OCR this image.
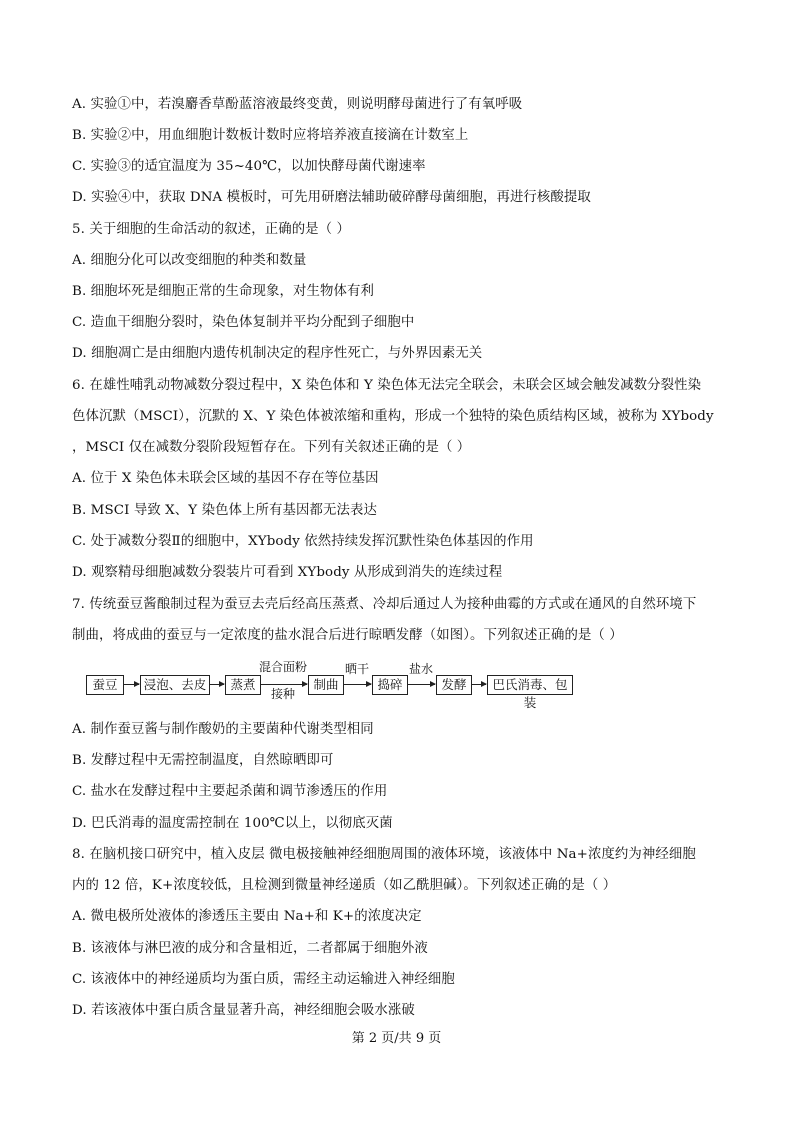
A. 实验①中，若溴麝香草酚蓝溶液最终变黄，则说明酵母菌进行了有氧呼吸
B. 实验②中，用血细胞计数板计数时应将培养液直接滴在计数室上
C. 实验③的适宜温度为 35~40℃，以加快酵母菌代谢速率
D. 实验④中，获取 DNA 模板时，可先用研磨法辅助破碎酵母菌细胞，再进行核酸提取
5. 关于细胞的生命活动的叙述，正确的是（ ）
A. 细胞分化可以改变细胞的种类和数量
B. 细胞坏死是细胞正常的生命现象，对生物体有利
C. 造血干细胞分裂时，染色体复制并平均分配到子细胞中
D. 细胞凋亡是由细胞内遗传机制决定的程序性死亡，与外界因素无关
6. 在雄性哺乳动物减数分裂过程中，X 染色体和 Y 染色体无法完全联会，未联会区域会触发减数分裂性染
色体沉默（MSCI），沉默的 X、Y 染色体被浓缩和重构，形成一个独特的染色质结构区域，被称为 XYbody
，MSCI 仅在减数分裂阶段短暂存在。下列有关叙述正确的是（ ）
A. 位于 X 染色体未联会区域的基因不存在等位基因
B. MSCI 导致 X、Y 染色体上所有基因都无法表达
C. 处于减数分裂Ⅱ的细胞中，XYbody 依然持续发挥沉默性染色体基因的作用
D. 观察精母细胞减数分裂装片可看到 XYbody 从形成到消失的连续过程
7. 传统蚕豆酱酿制过程为蚕豆去壳后经高压蒸煮、冷却后通过人为接种曲霉的方式或在通风的自然环境下
制曲，将成曲的蚕豆与一定浓度的盐水混合后进行晾晒发酵（如图）。下列叙述正确的是（ ）
蚕豆	浸泡、去皮	蒸煮
混合面粉
接种
制曲
晒干
捣碎
盐水
发酵	巴氏消毒、包装
A. 制作蚕豆酱与制作酸奶的主要菌种代谢类型相同
B. 发酵过程中无需控制温度，自然晾晒即可
C. 盐水在发酵过程中主要起杀菌和调节渗透压的作用
D. 巴氏消毒的温度需控制在 100℃以上，以彻底灭菌
8. 在脑机接口研究中，植入皮层 微电极接触神经细胞周围的液体环境，该液体中 Na+浓度约为神经细胞
内的 12 倍，K+浓度较低，且检测到微量神经递质（如乙酰胆碱）。下列叙述正确的是（ ）
A. 微电极所处液体的渗透压主要由 Na+和 K+的浓度决定
B. 该液体与淋巴液的成分和含量相近，二者都属于细胞外液
C. 该液体中的神经递质均为蛋白质，需经主动运输进入神经细胞
D. 若该液体中蛋白质含量显著升高，神经细胞会吸水涨破
第 2 页/共 9 页
